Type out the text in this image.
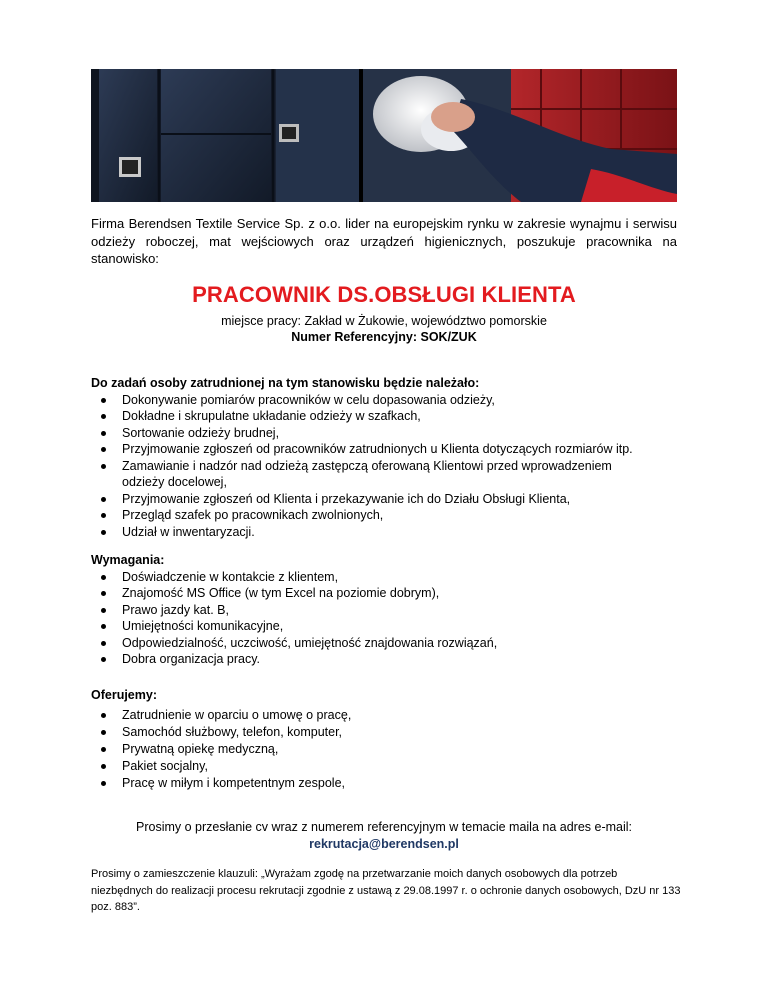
Firma Berendsen Textile Service Sp. z o.o. lider na europejskim rynku w zakresie wynajmu i serwisu odzieży roboczej, mat wejściowych oraz urządzeń higienicznych, poszukuje pracownika na stanowisko:
PRACOWNIK DS.OBSŁUGI KLIENTA
miejsce pracy: Zakład w Żukowie, województwo pomorskie
Numer Referencyjny: SOK/ZUK
Do zadań osoby zatrudnionej na tym stanowisku będzie należało:
Dokonywanie pomiarów pracowników w celu dopasowania odzieży,
Dokładne i skrupulatne układanie odzieży w szafkach,
Sortowanie odzieży brudnej,
Przyjmowanie zgłoszeń od pracowników zatrudnionych u Klienta dotyczących rozmiarów itp.
Zamawianie i nadzór nad odzieżą zastępczą oferowaną Klientowi przed wprowadzeniem
odzieży docelowej,
Przyjmowanie zgłoszeń od Klienta i przekazywanie ich do Działu Obsługi Klienta,
Przegląd szafek po pracownikach zwolnionych,
Udział w inwentaryzacji.
Wymagania:
Doświadczenie w kontakcie z klientem,
Znajomość MS Office (w tym Excel na poziomie dobrym),
Prawo jazdy kat. B,
Umiejętności komunikacyjne,
Odpowiedzialność, uczciwość, umiejętność znajdowania rozwiązań,
Dobra organizacja pracy.
Oferujemy:
Zatrudnienie w oparciu o umowę o pracę,
Samochód służbowy, telefon, komputer,
Prywatną opiekę medyczną,
Pakiet socjalny,
Pracę w miłym i kompetentnym zespole,
Prosimy o przesłanie cv wraz z numerem referencyjnym w temacie maila na adres e-mail:
rekrutacja@berendsen.pl
Prosimy o zamieszczenie klauzuli: „Wyrażam zgodę na przetwarzanie moich danych osobowych dla potrzeb niezbędnych do realizacji procesu rekrutacji zgodnie z ustawą z 29.08.1997 r. o ochronie danych osobowych, DzU nr 133 poz. 883”.
